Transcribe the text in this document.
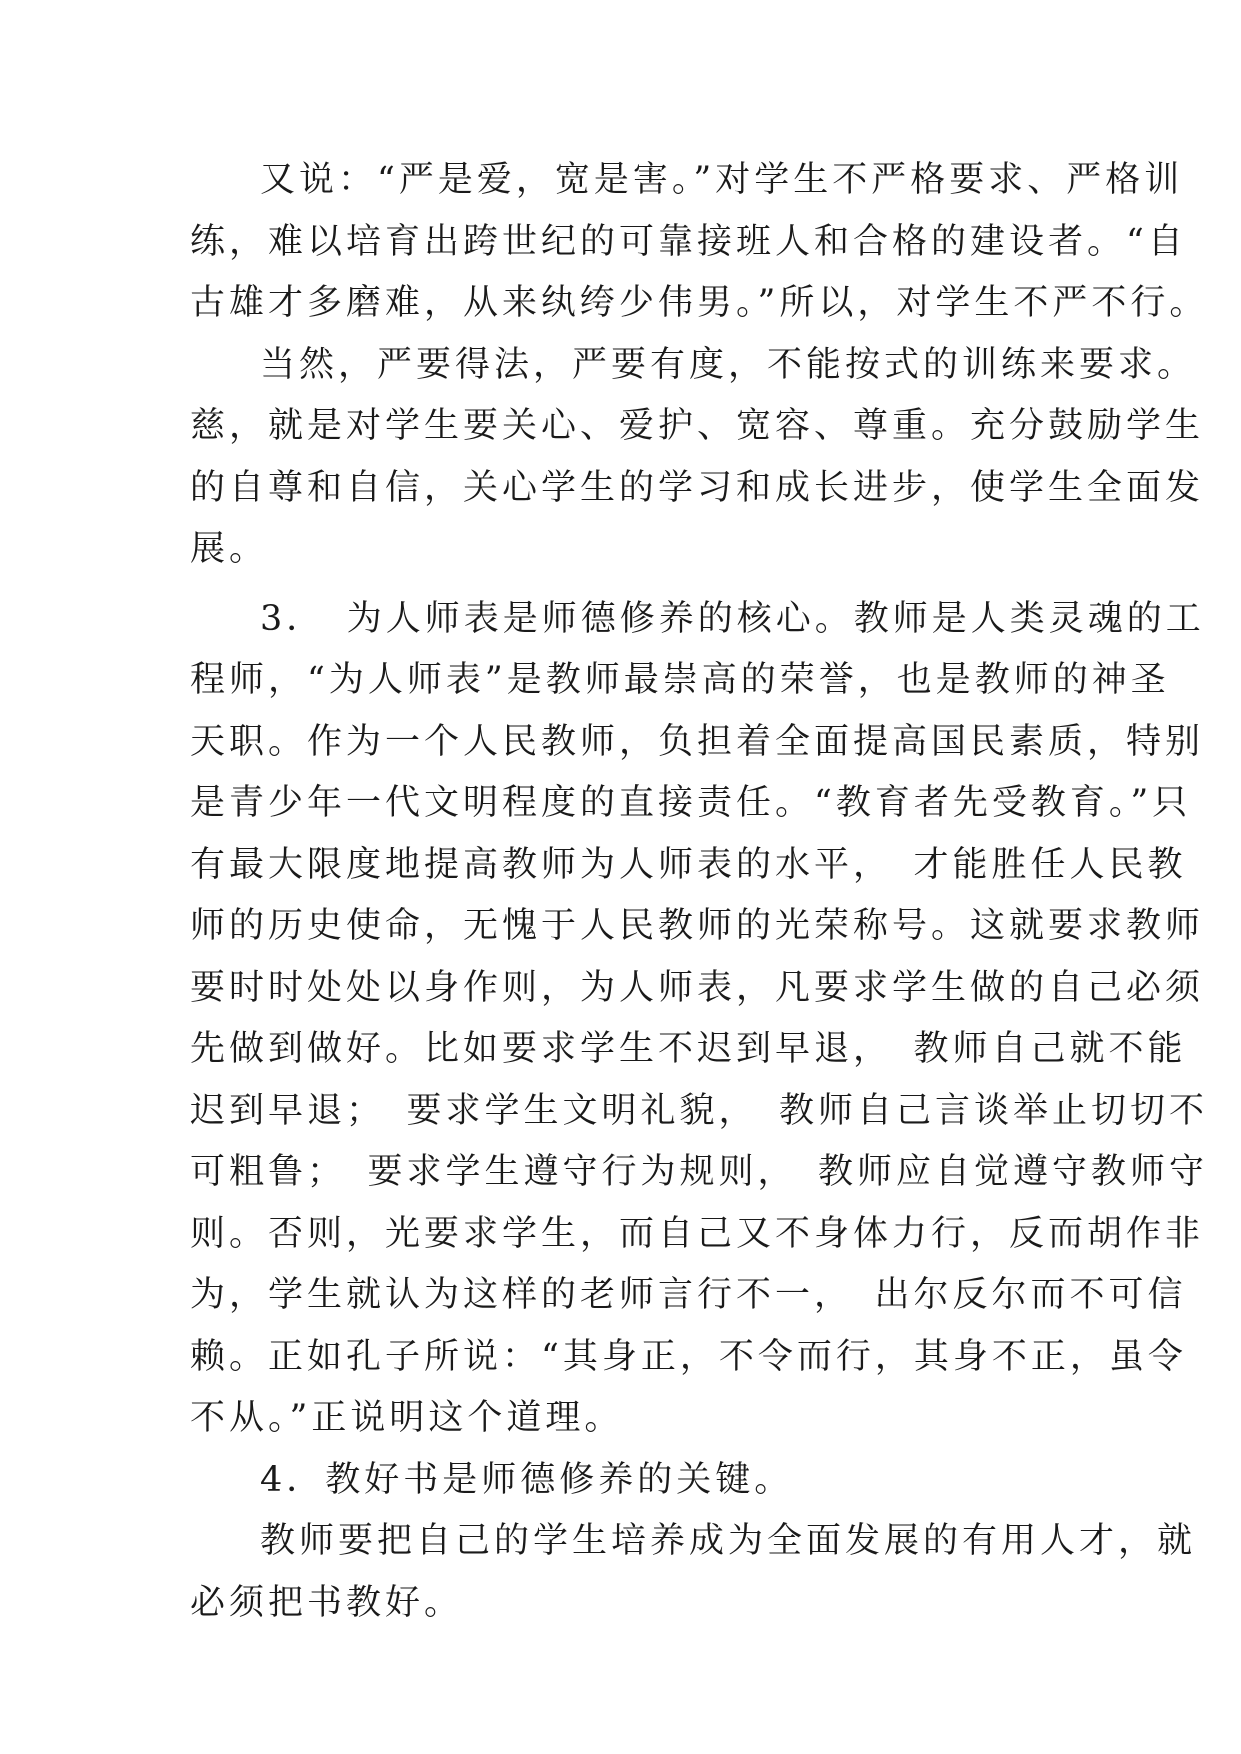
又说：“严是爱，宽是害。”对学生不严格要求、严格训
练，难以培育出跨世纪的可靠接班人和合格的建设者。“自
古雄才多磨难，从来纨绔少伟男。”所以，对学生不严不行。
当然，严要得法，严要有度，不能按式的训练来要求。
慈，就是对学生要关心、爱护、宽容、尊重。充分鼓励学生
的自尊和自信，关心学生的学习和成长进步，使学生全面发
展。
3．　为人师表是师德修养的核心。教师是人类灵魂的工
程师，“为人师表”是教师最崇高的荣誉，也是教师的神圣
天职。作为一个人民教师，负担着全面提高国民素质，特别
是青少年一代文明程度的直接责任。“教育者先受教育。”只
有最大限度地提高教师为人师表的水平，　才能胜任人民教
师的历史使命，无愧于人民教师的光荣称号。这就要求教师
要时时处处以身作则，为人师表，凡要求学生做的自己必须
先做到做好。比如要求学生不迟到早退，　教师自己就不能
迟到早退；　要求学生文明礼貌，　教师自己言谈举止切切不
可粗鲁；　要求学生遵守行为规则，　教师应自觉遵守教师守
则。否则，光要求学生，而自己又不身体力行，反而胡作非
为，学生就认为这样的老师言行不一，　出尔反尔而不可信
赖。正如孔子所说：“其身正，不令而行，其身不正，虽令
不从。”正说明这个道理。
4．教好书是师德修养的关键。
教师要把自己的学生培养成为全面发展的有用人才，就
必须把书教好。
